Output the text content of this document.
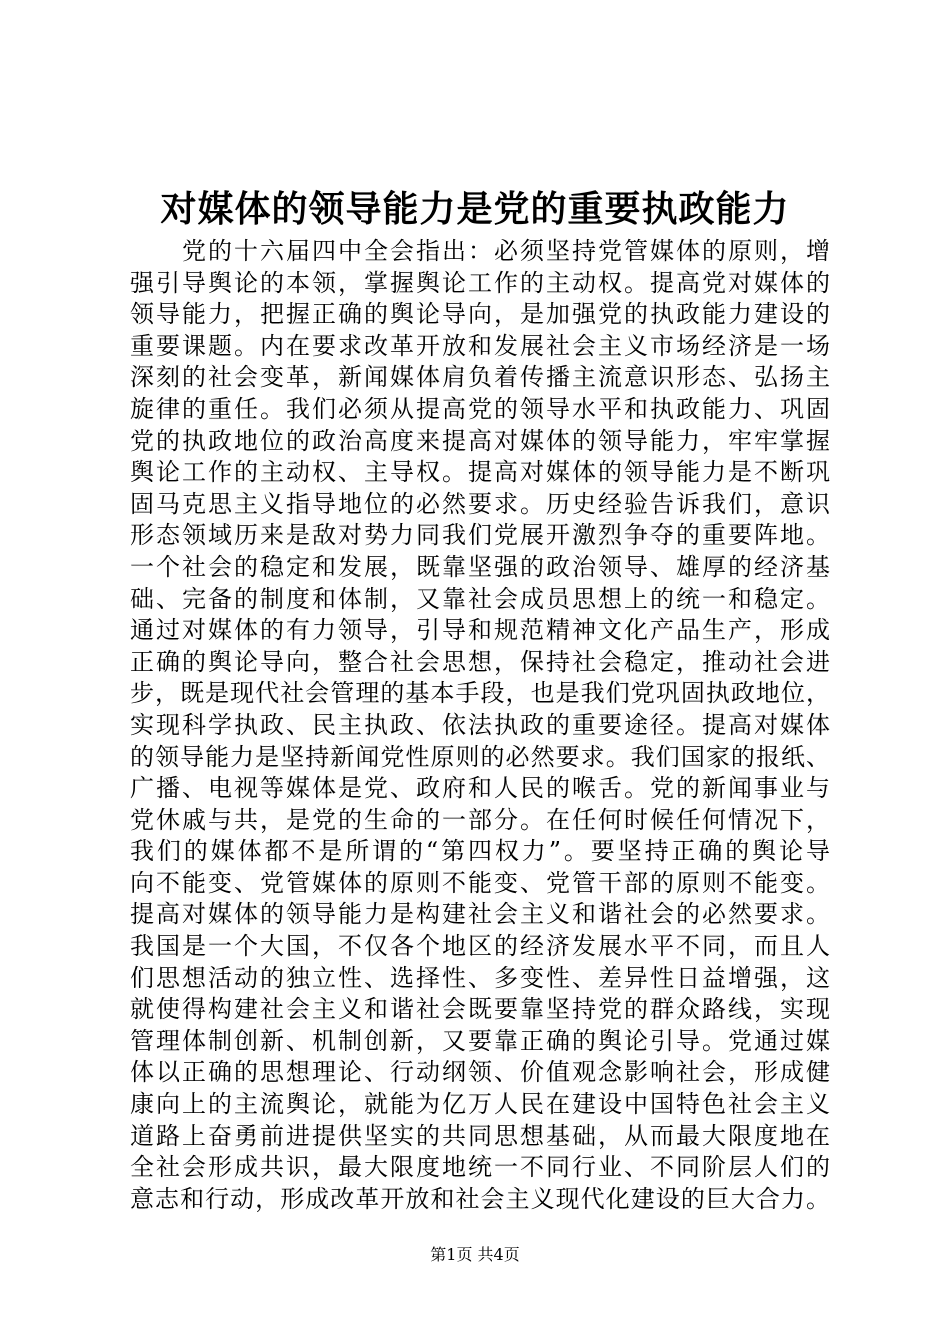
对媒体的领导能力是党的重要执政能力
　　党的十六届四中全会指出：必须坚持党管媒体的原则，增
强引导舆论的本领，掌握舆论工作的主动权。提高党对媒体的
领导能力，把握正确的舆论导向，是加强党的执政能力建设的
重要课题。内在要求改革开放和发展社会主义市场经济是一场
深刻的社会变革，新闻媒体肩负着传播主流意识形态、弘扬主
旋律的重任。我们必须从提高党的领导水平和执政能力、巩固
党的执政地位的政治高度来提高对媒体的领导能力，牢牢掌握
舆论工作的主动权、主导权。提高对媒体的领导能力是不断巩
固马克思主义指导地位的必然要求。历史经验告诉我们，意识
形态领域历来是敌对势力同我们党展开激烈争夺的重要阵地。
一个社会的稳定和发展，既靠坚强的政治领导、雄厚的经济基
础、完备的制度和体制，又靠社会成员思想上的统一和稳定。
通过对媒体的有力领导，引导和规范精神文化产品生产，形成
正确的舆论导向，整合社会思想，保持社会稳定，推动社会进
步，既是现代社会管理的基本手段，也是我们党巩固执政地位，
实现科学执政、民主执政、依法执政的重要途径。提高对媒体
的领导能力是坚持新闻党性原则的必然要求。我们国家的报纸、
广播、电视等媒体是党、政府和人民的喉舌。党的新闻事业与
党休戚与共，是党的生命的一部分。在任何时候任何情况下，
我们的媒体都不是所谓的“第四权力”。要坚持正确的舆论导
向不能变、党管媒体的原则不能变、党管干部的原则不能变。
提高对媒体的领导能力是构建社会主义和谐社会的必然要求。
我国是一个大国，不仅各个地区的经济发展水平不同，而且人
们思想活动的独立性、选择性、多变性、差异性日益增强，这
就使得构建社会主义和谐社会既要靠坚持党的群众路线，实现
管理体制创新、机制创新，又要靠正确的舆论引导。党通过媒
体以正确的思想理论、行动纲领、价值观念影响社会，形成健
康向上的主流舆论，就能为亿万人民在建设中国特色社会主义
道路上奋勇前进提供坚实的共同思想基础，从而最大限度地在
全社会形成共识，最大限度地统一不同行业、不同阶层人们的
意志和行动，形成改革开放和社会主义现代化建设的巨大合力。
第1页 共4页
